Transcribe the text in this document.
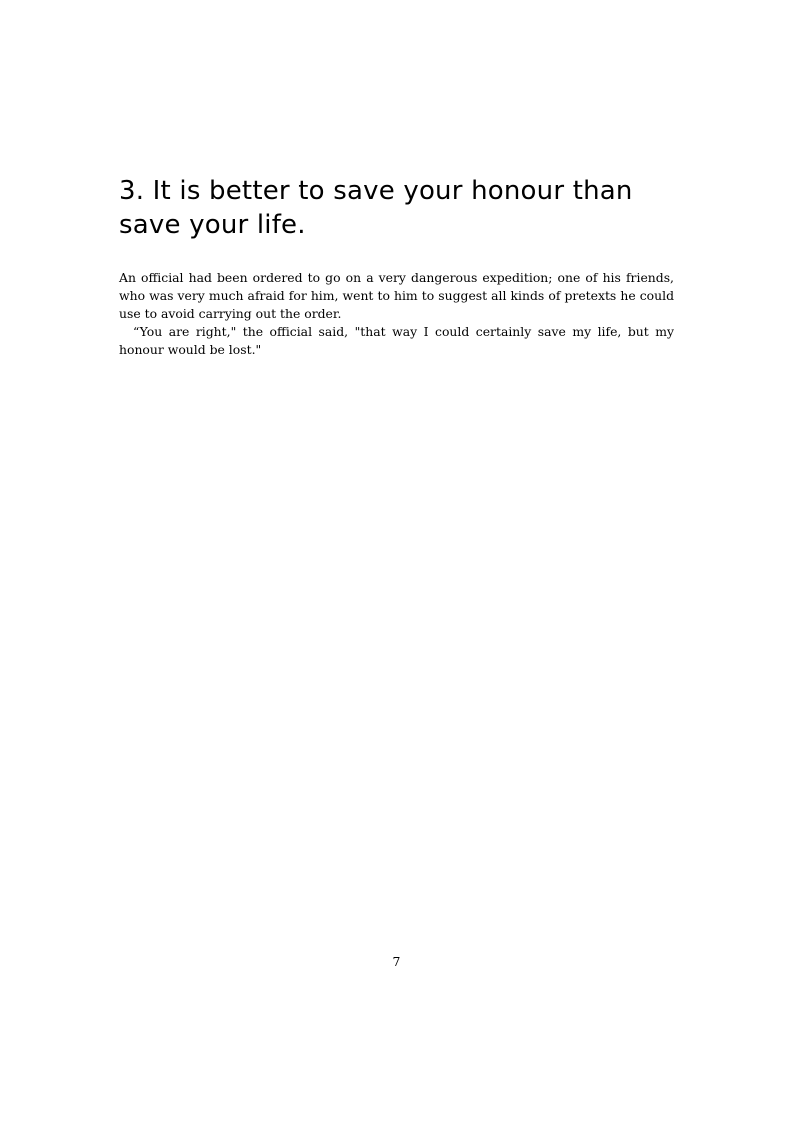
3. It is better to save your honour than save your life.

An official had been ordered to go on a very dangerous expedition; one of his friends, who was very much afraid for him, went to him to suggest all kinds of pretexts he could use to avoid carrying out the order.

“You are right," the official said, "that way I could certainly save my life, but my honour would be lost."

7
